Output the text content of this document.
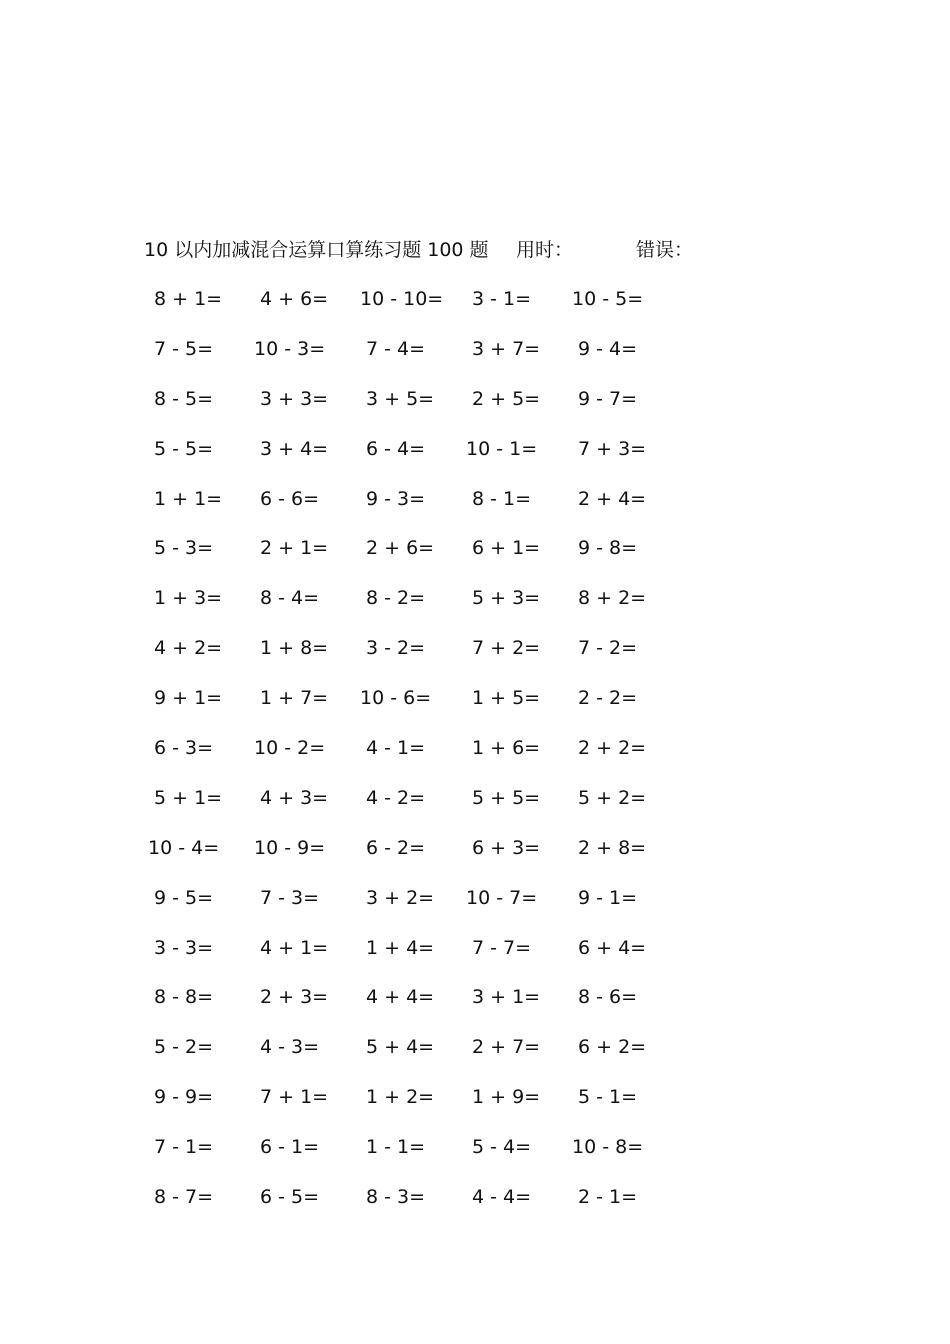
10 以内加减混合运算口算练习题 100 题 用时：	错误：
8 + 1=	4 + 6=	10 - 10=	3 - 1=	10 - 5=
7 - 5=	10 - 3=	7 - 4=	3 + 7=	9 - 4=
8 - 5=	3 + 3=	3 + 5=	2 + 5=	9 - 7=
5 - 5=	3 + 4=	6 - 4=	10 - 1=	7 + 3=
1 + 1=	6 - 6=	9 - 3=	8 - 1=	2 + 4=
5 - 3=	2 + 1=	2 + 6=	6 + 1=	9 - 8=
1 + 3=	8 - 4=	8 - 2=	5 + 3=	8 + 2=
4 + 2=	1 + 8=	3 - 2=	7 + 2=	7 - 2=
9 + 1=	1 + 7=	10 - 6=	1 + 5=	2 - 2=
6 - 3=	10 - 2=	4 - 1=	1 + 6=	2 + 2=
5 + 1=	4 + 3=	4 - 2=	5 + 5=	5 + 2=
10 - 4=	10 - 9=	6 - 2=	6 + 3=	2 + 8=
9 - 5=	7 - 3=	3 + 2=	10 - 7=	9 - 1=
3 - 3=	4 + 1=	1 + 4=	7 - 7=	6 + 4=
8 - 8=	2 + 3=	4 + 4=	3 + 1=	8 - 6=
5 - 2=	4 - 3=	5 + 4=	2 + 7=	6 + 2=
9 - 9=	7 + 1=	1 + 2=	1 + 9=	5 - 1=
7 - 1=	6 - 1=	1 - 1=	5 - 4=	10 - 8=
8 - 7=	6 - 5=	8 - 3=	4 - 4=	2 - 1=
